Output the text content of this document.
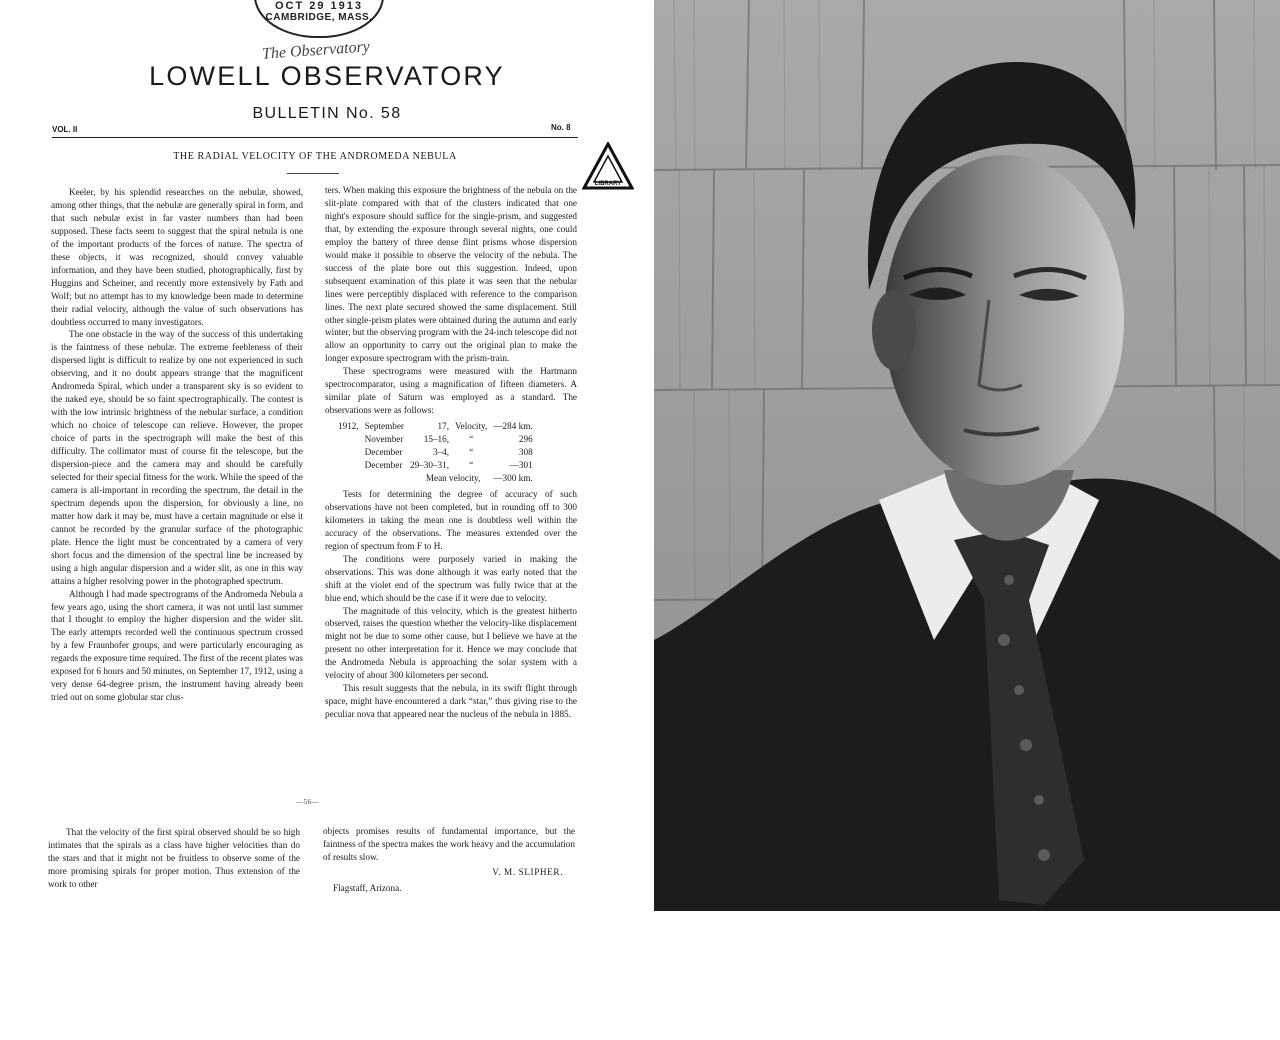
OCT 29 1913
CAMBRIDGE, MASS.
The Observatory
LOWELL OBSERVATORY
BULLETIN No. 58
VOL. II	No. 8
THE RADIAL VELOCITY OF THE ANDROMEDA NEBULA
LIBRARY

Keeler, by his splendid researches on the nebulæ, showed, among other things, that the nebulæ are generally spiral in form, and that such nebulæ exist in far vaster numbers than had been supposed. These facts seem to suggest that the spiral nebula is one of the important products of the forces of nature. The spectra of these objects, it was recognized, should convey valuable information, and they have been studied, photographically, first by Huggins and Scheiner, and recently more extensively by Fath and Wolf; but no attempt has to my knowledge been made to determine their radial velocity, although the value of such observations has doubtless occurred to many investigators.

The one obstacle in the way of the success of this undertaking is the faintness of these nebulæ. The extreme feebleness of their dispersed light is difficult to realize by one not experienced in such observing, and it no doubt appears strange that the magnificent Andromeda Spiral, which under a transparent sky is so evident to the naked eye, should be so faint spectrographically. The contest is with the low intrinsic brightness of the nebular surface, a condition which no choice of telescope can relieve. However, the proper choice of parts in the spectrograph will make the best of this difficulty. The collimator must of course fit the telescope, but the dispersion-piece and the camera may and should be carefully selected for their special fitness for the work. While the speed of the camera is all-important in recording the spectrum, the detail in the spectrum depends upon the dispersion, for obviously a line, no matter how dark it may be, must have a certain magnitude or else it cannot be recorded by the granular surface of the photographic plate. Hence the light must be concentrated by a camera of very short focus and the dimension of the spectral line be increased by using a high angular dispersion and a wider slit, as one in this way attains a higher resolving power in the photographed spectrum.

Although I had made spectrograms of the Andromeda Nebula a few years ago, using the short camera, it was not until last summer that I thought to employ the higher dispersion and the wider slit. The early attempts recorded well the continuous spectrum crossed by a few Fraunhofer groups, and were particularly encouraging as regards the exposure time required. The first of the recent plates was exposed for 6 hours and 50 minutes, on September 17, 1912, using a very dense 64-degree prism, the instrument having already been tried out on some globular star clus-

ters. When making this exposure the brightness of the nebula on the slit-plate compared with that of the clusters indicated that one night's exposure should suffice for the single-prism, and suggested that, by extending the exposure through several nights, one could employ the battery of three dense flint prisms whose dispersion would make it possible to observe the velocity of the nebula. The success of the plate bore out this suggestion. Indeed, upon subsequent examination of this plate it was seen that the nebular lines were perceptibly displaced with reference to the comparison lines. The next plate secured showed the same displacement. Still other single-prism plates were obtained during the autumn and early winter, but the observing program with the 24-inch telescope did not allow an opportunity to carry out the original plan to make the longer exposure spectrogram with the prism-train.

These spectrograms were measured with the Hartmann spectrocomparator, using a magnification of fifteen diameters. A similar plate of Saturn was employed as a standard. The observations were as follows:

1912,	September	17,	Velocity,	—284 km.
	November	15–16,	“	296
	December	3–4,	“	308
	December	29–30–31,	“	—301
Mean velocity,				—300 km.

Tests for determining the degree of accuracy of such observations have not been completed, but in rounding off to 300 kilometers in taking the mean one is doubtless well within the accuracy of the observations. The measures extended over the region of spectrum from F to H.

The conditions were purposely varied in making the observations. This was done although it was early noted that the shift at the violet end of the spectrum was fully twice that at the blue end, which should be the case if it were due to velocity.

The magnitude of this velocity, which is the greatest hitherto observed, raises the question whether the velocity-like displacement might not be due to some other cause, but I believe we have at the present no other interpretation for it. Hence we may conclude that the Andromeda Nebula is approaching the solar system with a velocity of about 300 kilometers per second.

This result suggests that the nebula, in its swift flight through space, might have encountered a dark “star,” thus giving rise to the peculiar nova that appeared near the nucleus of the nebula in 1885.

—56—

That the velocity of the first spiral observed should be so high intimates that the spirals as a class have higher velocities than do the stars and that it might not be fruitless to observe some of the more promising spirals for proper motion. Thus extension of the work to other

objects promises results of fundamental importance, but the faintness of the spectra makes the work heavy and the accumulation of results slow.

V. M. SLIPHER.
Flagstaff, Arizona.
